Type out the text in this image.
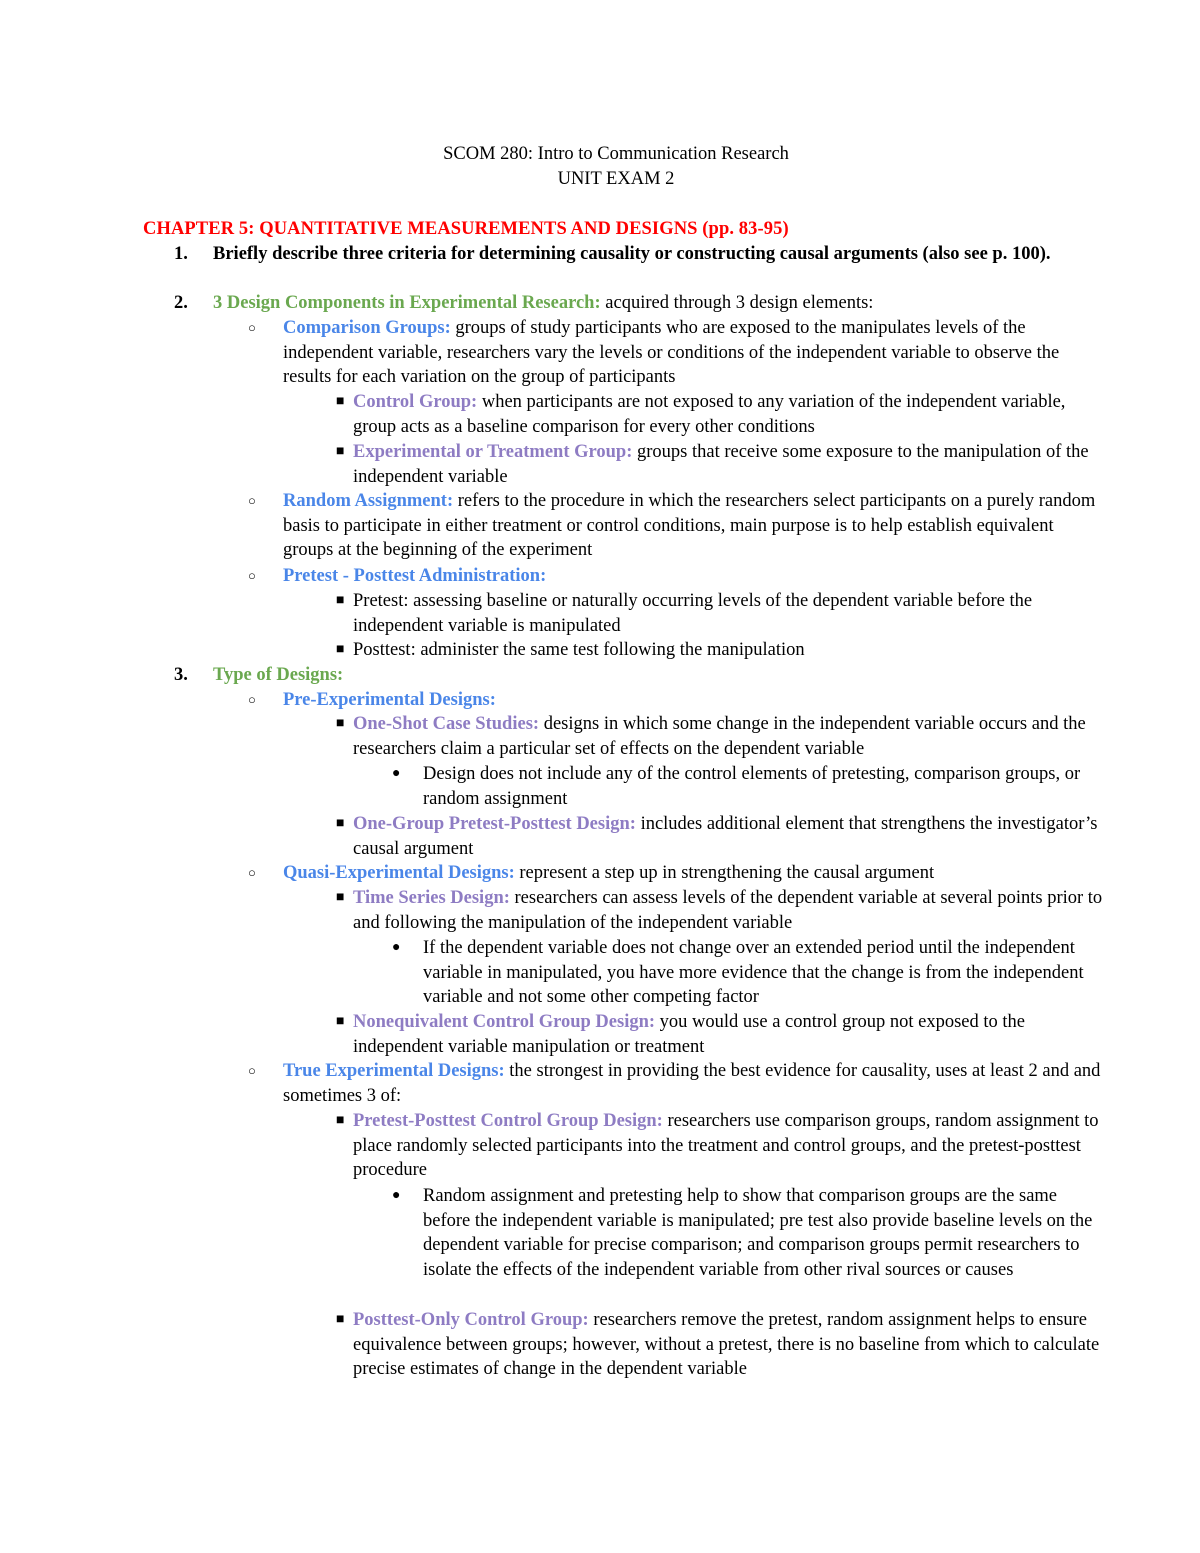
SCOM 280: Intro to Communication Research
UNIT EXAM 2
CHAPTER 5: QUANTITATIVE MEASUREMENTS AND DESIGNS (pp. 83-95)
1. Briefly describe three criteria for determining causality or constructing causal arguments (also see p. 100).
2. 3 Design Components in Experimental Research: acquired through 3 design elements:
○ Comparison Groups: groups of study participants who are exposed to the manipulates levels of the independent variable, researchers vary the levels or conditions of the independent variable to observe the results for each variation on the group of participants
■ Control Group: when participants are not exposed to any variation of the independent variable, group acts as a baseline comparison for every other conditions
■ Experimental or Treatment Group: groups that receive some exposure to the manipulation of the independent variable
○ Random Assignment: refers to the procedure in which the researchers select participants on a purely random basis to participate in either treatment or control conditions, main purpose is to help establish equivalent groups at the beginning of the experiment
○ Pretest - Posttest Administration:
■ Pretest: assessing baseline or naturally occurring levels of the dependent variable before the independent variable is manipulated
■ Posttest: administer the same test following the manipulation
3. Type of Designs:
○ Pre-Experimental Designs:
■ One-Shot Case Studies: designs in which some change in the independent variable occurs and the researchers claim a particular set of effects on the dependent variable
● Design does not include any of the control elements of pretesting, comparison groups, or random assignment
■ One-Group Pretest-Posttest Design: includes additional element that strengthens the investigator’s causal argument
○ Quasi-Experimental Designs: represent a step up in strengthening the causal argument
■ Time Series Design: researchers can assess levels of the dependent variable at several points prior to and following the manipulation of the independent variable
● If the dependent variable does not change over an extended period until the independent variable in manipulated, you have more evidence that the change is from the independent variable and not some other competing factor
■ Nonequivalent Control Group Design: you would use a control group not exposed to the independent variable manipulation or treatment
○ True Experimental Designs: the strongest in providing the best evidence for causality, uses at least 2 and and sometimes 3 of:
■ Pretest-Posttest Control Group Design: researchers use comparison groups, random assignment to place randomly selected participants into the treatment and control groups, and the pretest-posttest procedure
● Random assignment and pretesting help to show that comparison groups are the same before the independent variable is manipulated; pre test also provide baseline levels on the dependent variable for precise comparison; and comparison groups permit researchers to isolate the effects of the independent variable from other rival sources or causes
■ Posttest-Only Control Group: researchers remove the pretest, random assignment helps to ensure equivalence between groups; however, without a pretest, there is no baseline from which to calculate precise estimates of change in the dependent variable
